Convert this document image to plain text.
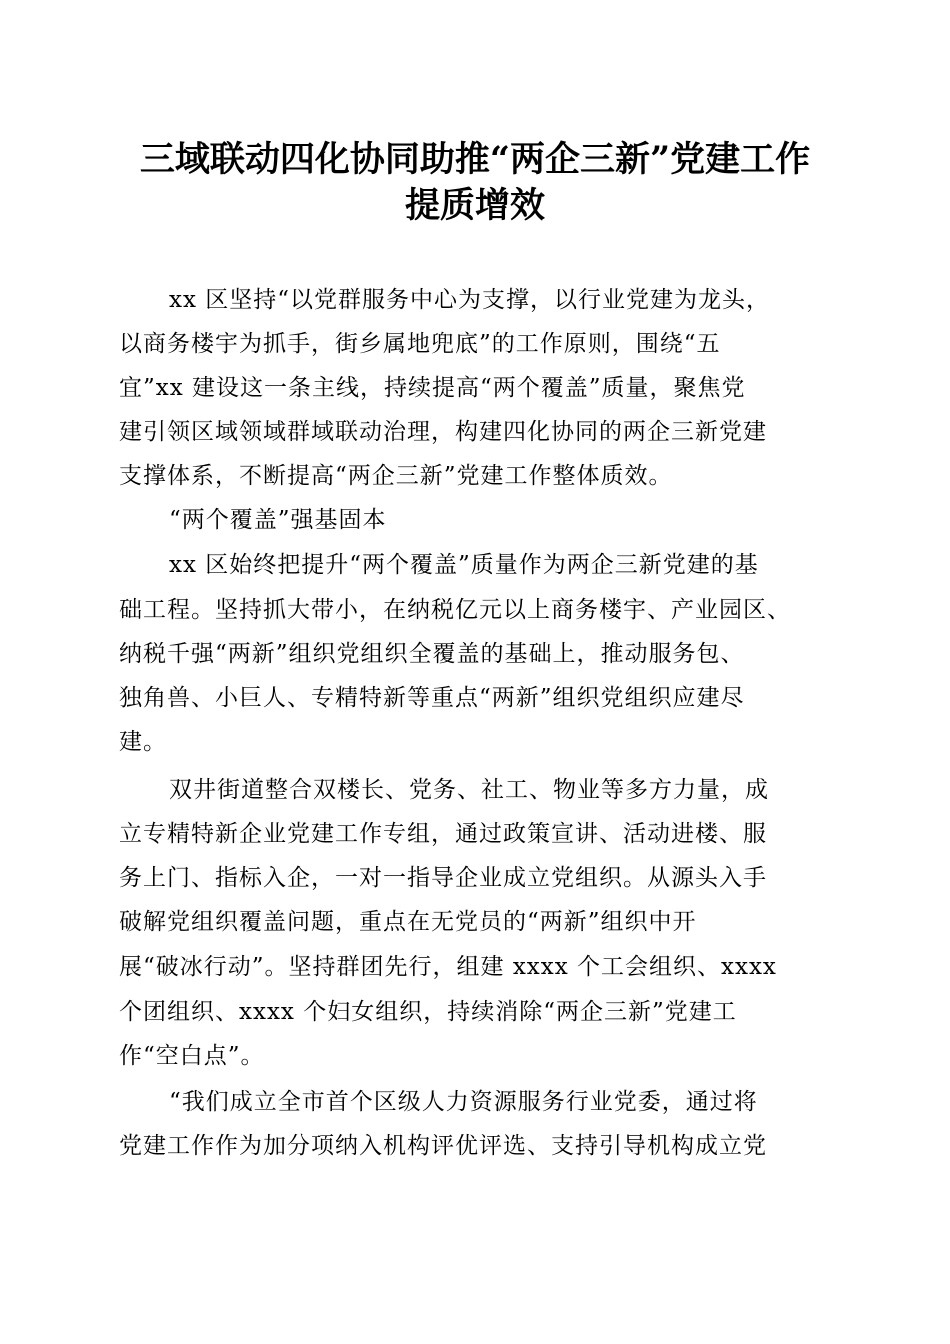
三域联动四化协同助推“两企三新”党建工作
提质增效
xx 区坚持“以党群服务中心为支撑，以行业党建为龙头，
以商务楼宇为抓手，街乡属地兜底”的工作原则，围绕“五
宜”xx 建设这一条主线，持续提高“两个覆盖”质量，聚焦党
建引领区域领域群域联动治理，构建四化协同的两企三新党建
支撑体系，不断提高“两企三新”党建工作整体质效。
“两个覆盖”强基固本
xx 区始终把提升“两个覆盖”质量作为两企三新党建的基
础工程。坚持抓大带小，在纳税亿元以上商务楼宇、产业园区、
纳税千强“两新”组织党组织全覆盖的基础上，推动服务包、
独角兽、小巨人、专精特新等重点“两新”组织党组织应建尽
建。
双井街道整合双楼长、党务、社工、物业等多方力量，成
立专精特新企业党建工作专组，通过政策宣讲、活动进楼、服
务上门、指标入企，一对一指导企业成立党组织。从源头入手
破解党组织覆盖问题，重点在无党员的“两新”组织中开
展“破冰行动”。坚持群团先行，组建 xxxx 个工会组织、xxxx
个团组织、xxxx 个妇女组织，持续消除“两企三新”党建工
作“空白点”。
“我们成立全市首个区级人力资源服务行业党委，通过将
党建工作作为加分项纳入机构评优评选、支持引导机构成立党
